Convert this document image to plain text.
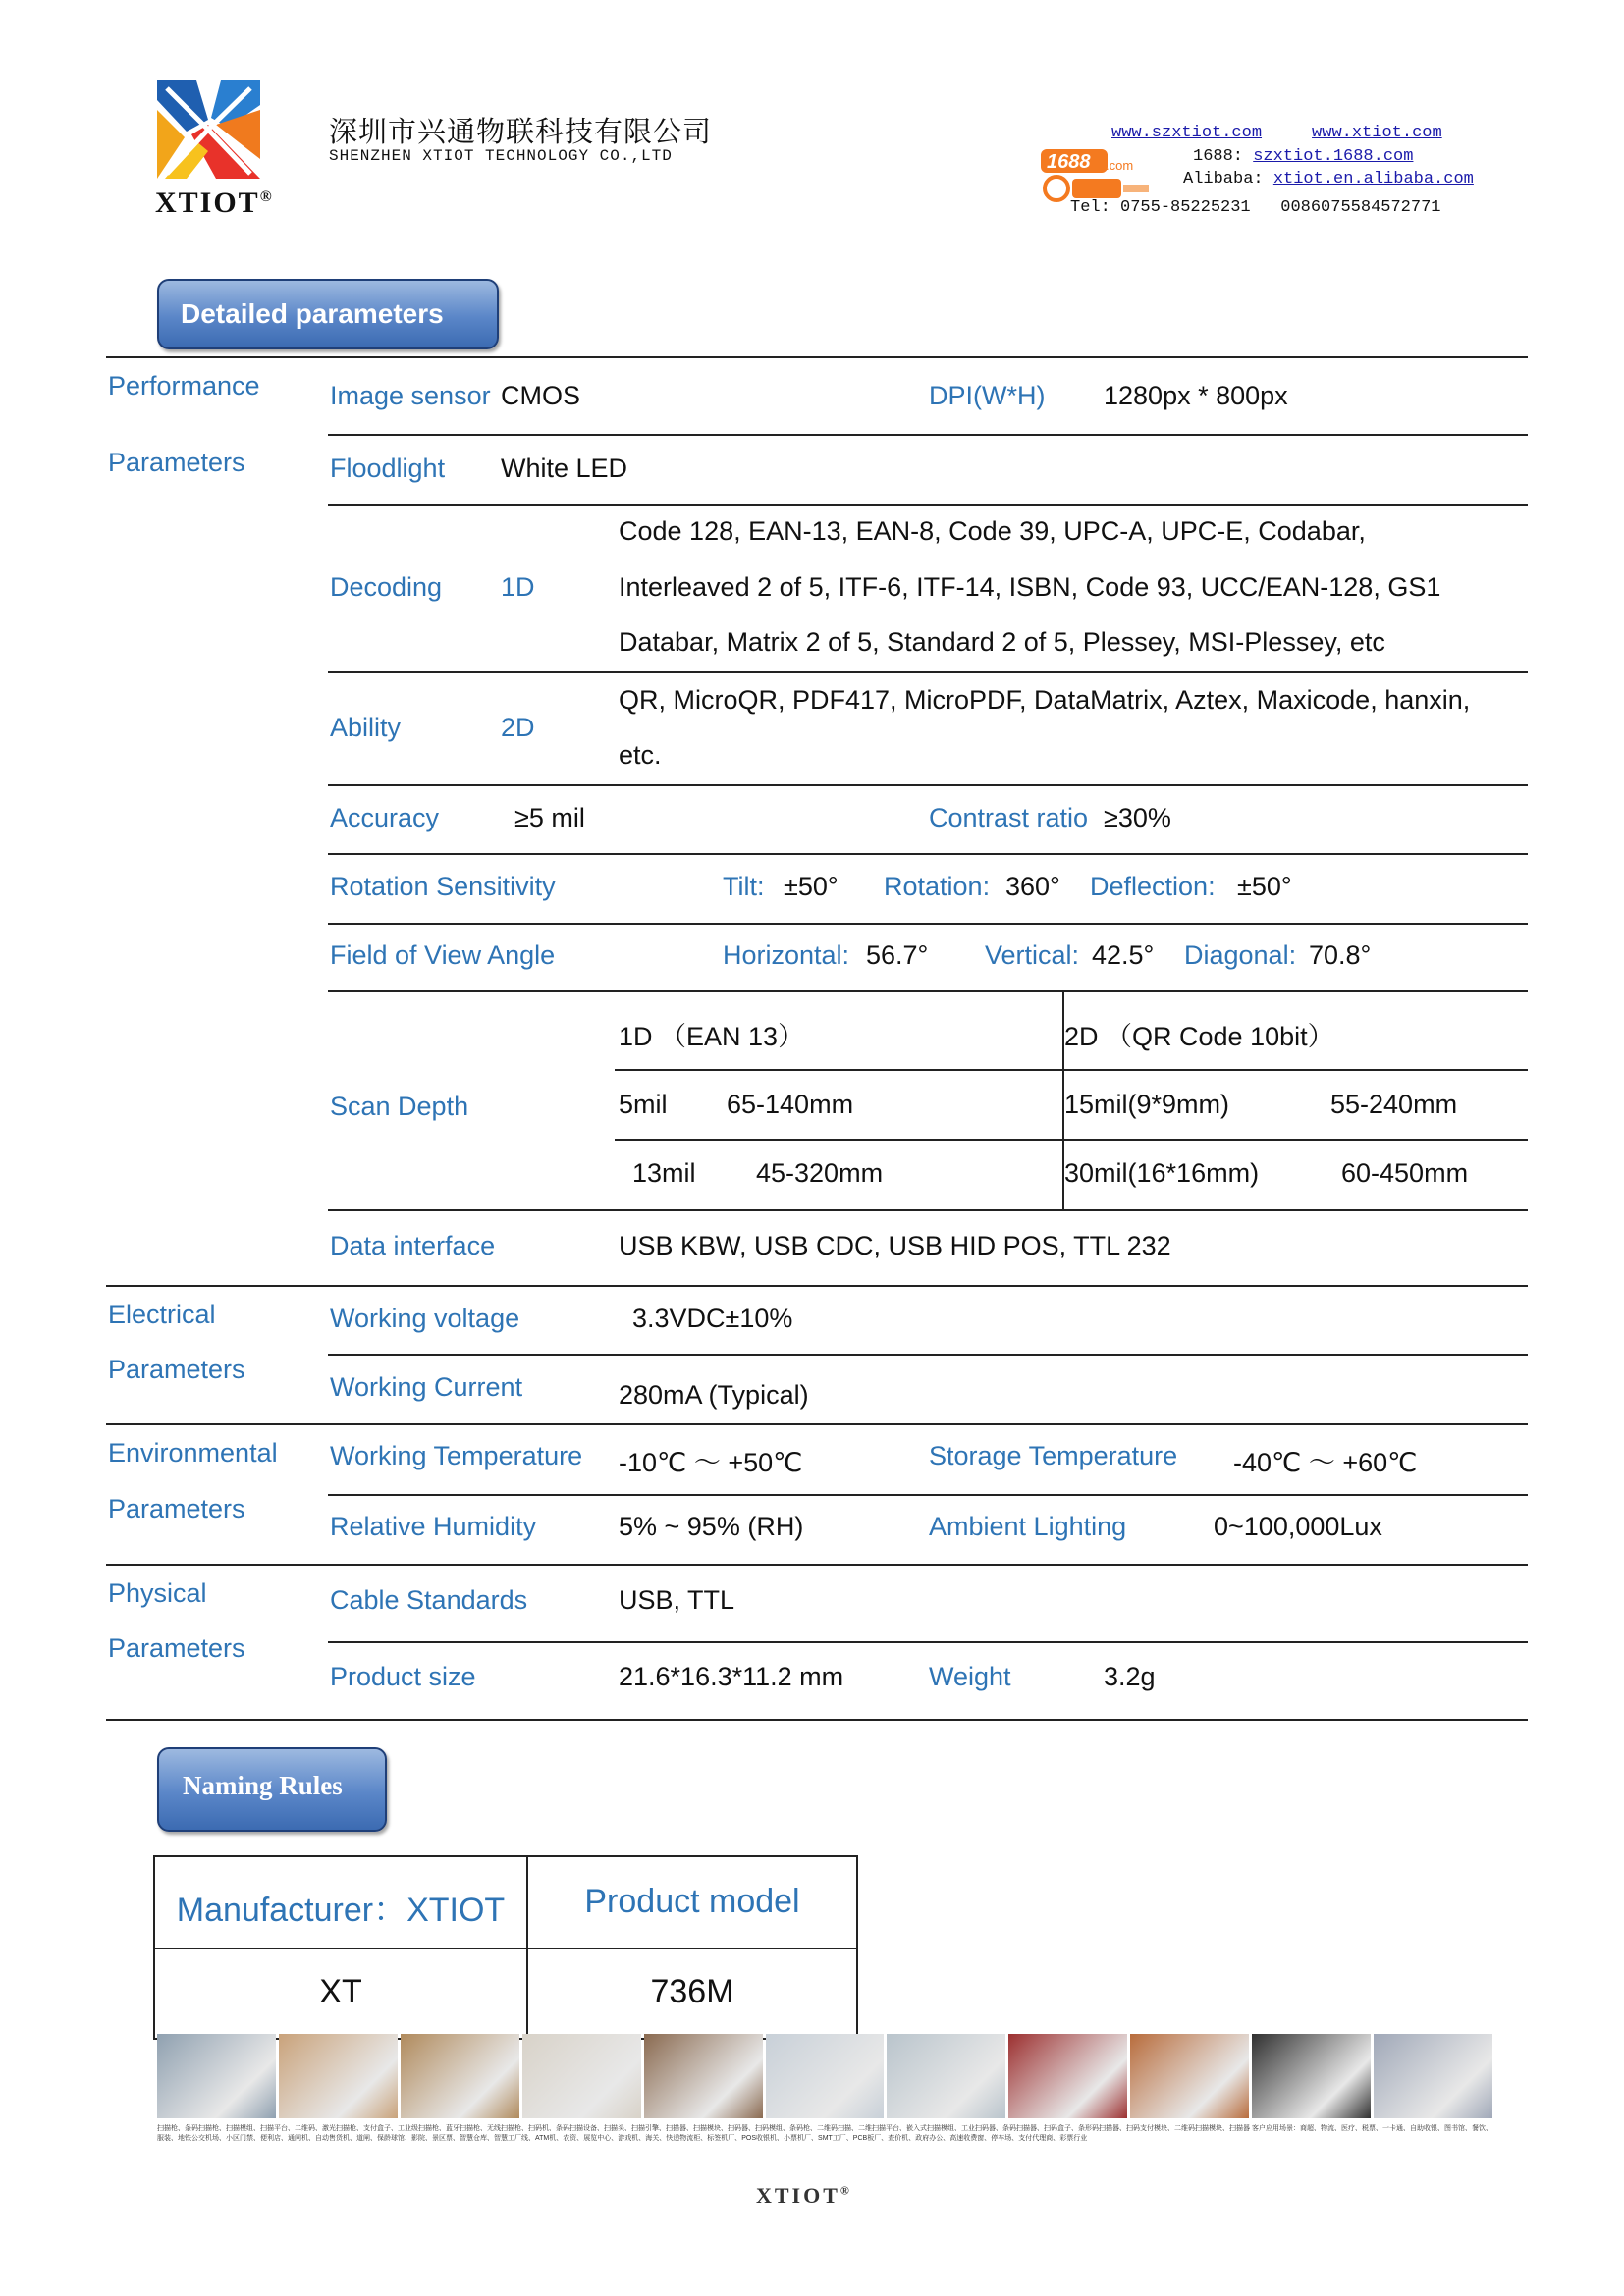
XTIOT®
深圳市兴通物联科技有限公司
SHENZHEN XTIOT TECHNOLOGY CO.,LTD
www.szxtiot.com	www.xtiot.com
1688: szxtiot.1688.com
Alibaba: xtiot.en.alibaba.com
Tel: 0755-85225231 0086075584572771
1688 .com
Detailed parameters
Performance
Parameters
Electrical
Parameters
Environmental
Parameters
Physical
Parameters
Image sensor CMOS	DPI(W*H) 1280px * 800px
Floodlight White LED
Decoding 1D
Code 128, EAN-13, EAN-8, Code 39, UPC-A, UPC-E, Codabar,
Interleaved 2 of 5, ITF-6, ITF-14, ISBN, Code 93, UCC/EAN-128, GS1
Databar, Matrix 2 of 5, Standard 2 of 5, Plessey, MSI-Plessey, etc
Ability	2D
QR, MicroQR, PDF417, MicroPDF, DataMatrix, Aztex, Maxicode, hanxin,
etc.
Accuracy	≥5 mil	Contrast ratio ≥30%
Rotation Sensitivity	Tilt: ±50° Rotation: 360° Deflection: ±50°
Field of View Angle	Horizontal: 56.7° Vertical: 42.5° Diagonal: 70.8°
Scan Depth
1D （EAN 13）	2D （QR Code 10bit）
5mil 65-140mm	15mil(9*9mm)	55-240mm
13mil 45-320mm	30mil(16*16mm)	60-450mm
Data interface	USB KBW, USB CDC, USB HID POS, TTL 232
Working voltage	3.3VDC±10%
Working Current	280mA (Typical)
Working Temperature -10℃ ～ +50℃	Storage Temperature -40℃ ～ +60℃
Relative Humidity	5% ~ 95% (RH)	Ambient Lighting	0~100,000Lux
Cable Standards	USB, TTL
Product size	21.6*16.3*11.2 mm	Weight	3.2g
Naming Rules
Manufacturer：XTIOT	Product model
XT	736M
扫描枪、条码扫描枪、扫描模组、扫描平台、二维码、激光扫描枪、支付盒子、工业级扫描枪、蓝牙扫描枪、无线扫描枪、扫码机、条码扫描设备、扫描头、扫描引擎、扫描器、扫描模块、扫码器、扫码模组、条码枪、二维码扫描、二维扫描平台、嵌入式扫描模组、工业扫码器、条码扫描器、扫码盒子、条形码扫描器、扫码支付模块、二维码扫描模块、扫描器 客户应用场景：商超、物流、医疗、税票、一卡通、自助收银、图书馆、餐饮、服装、地铁公交机场、小区门禁、便利店、通闸机、自动售货机、道闸、保龄球馆、影院、景区票、智慧仓库、智慧工厂线、ATM机、农资、展览中心、游戏机、海关、快递物流柜、标签机厂、POS收银机、小票机厂、SMT工厂、PCB板厂、查价机、政府办公、高速收费窗、停车场、支付代理商、彩票行业
XTIOT®
